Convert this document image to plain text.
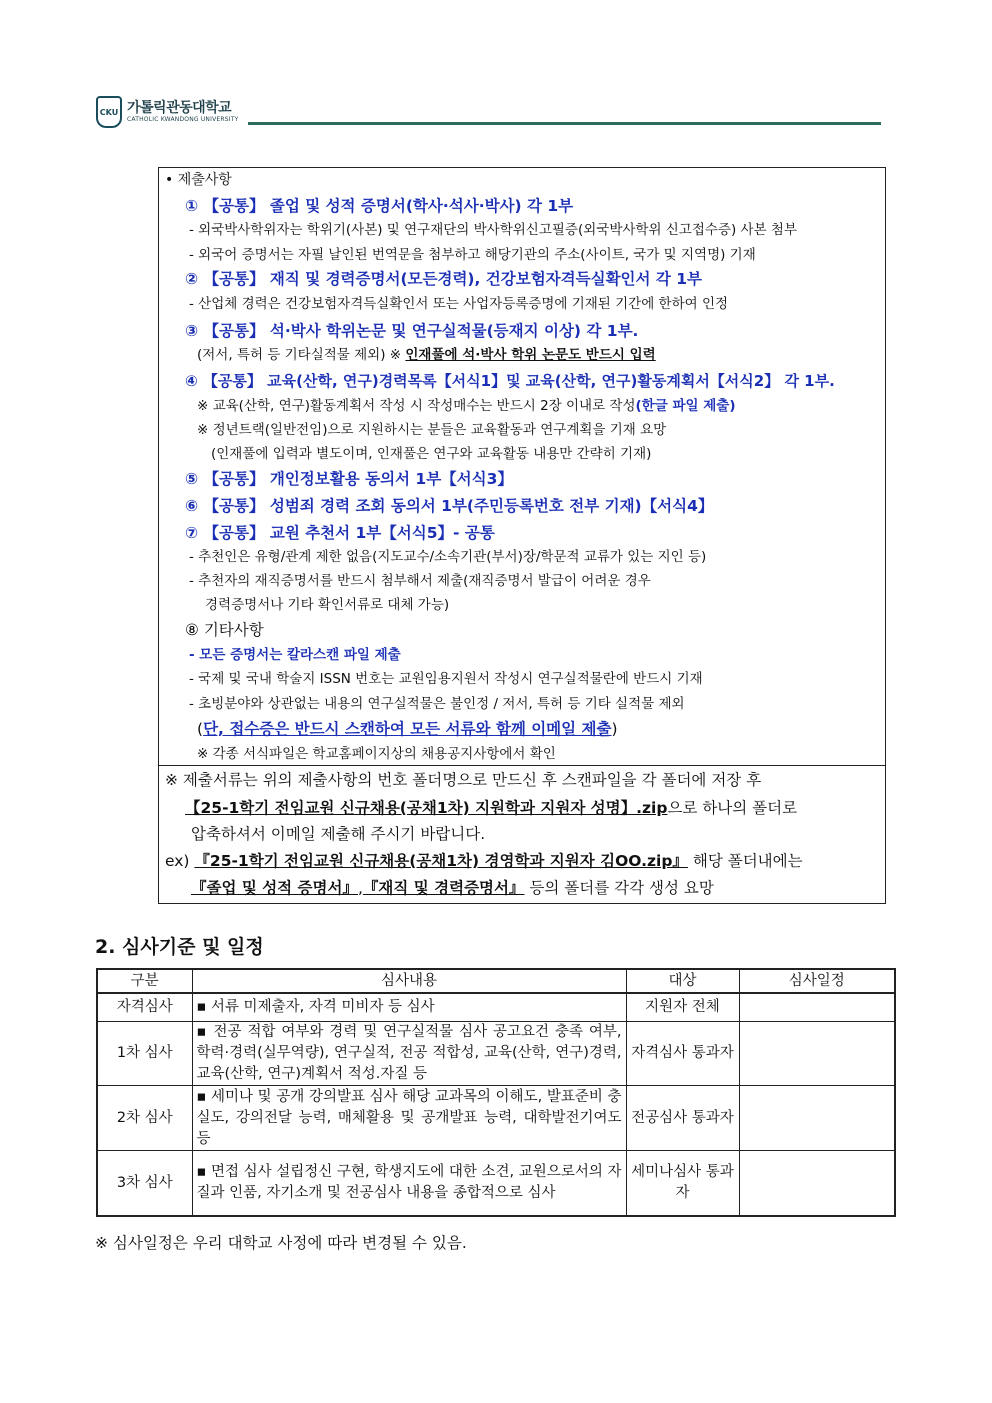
CKU 가톨릭관동대학교
CATHOLIC KWANDONG UNIVERSITY
• 제출사항
① 【공통】 졸업 및 성적 증명서(학사·석사·박사) 각 1부
- 외국박사학위자는 학위기(사본) 및 연구재단의 박사학위신고필증(외국박사학위 신고접수증) 사본 첨부
- 외국어 증명서는 자필 날인된 번역문을 첨부하고 해당기관의 주소(사이트, 국가 및 지역명) 기재
② 【공통】 재직 및 경력증명서(모든경력), 건강보험자격득실확인서 각 1부
- 산업체 경력은 건강보험자격득실확인서 또는 사업자등록증명에 기재된 기간에 한하여 인정
③ 【공통】 석·박사 학위논문 및 연구실적물(등재지 이상) 각 1부.
(저서, 특허 등 기타실적물 제외) ※ 인재풀에 석·박사 학위 논문도 반드시 입력
④ 【공통】 교육(산학, 연구)경력목록【서식1】및 교육(산학, 연구)활동계획서【서식2】 각 1부.
※ 교육(산학, 연구)활동계획서 작성 시 작성매수는 반드시 2장 이내로 작성(한글 파일 제출)
※ 정년트랙(일반전임)으로 지원하시는 분들은 교육활동과 연구계획을 기재 요망
(인재풀에 입력과 별도이며, 인재풀은 연구와 교육활동 내용만 간략히 기재)
⑤ 【공통】 개인정보활용 동의서 1부【서식3】
⑥ 【공통】 성범죄 경력 조회 동의서 1부(주민등록번호 전부 기재)【서식4】
⑦ 【공통】 교원 추천서 1부【서식5】- 공통
- 추천인은 유형/관계 제한 없음(지도교수/소속기관(부서)장/학문적 교류가 있는 지인 등)
- 추천자의 재직증명서를 반드시 첨부해서 제출(재직증명서 발급이 어려운 경우
경력증명서나 기타 확인서류로 대체 가능)
⑧ 기타사항
- 모든 증명서는 칼라스캔 파일 제출
- 국제 및 국내 학술지 ISSN 번호는 교원임용지원서 작성시 연구실적물란에 반드시 기재
- 초빙분야와 상관없는 내용의 연구실적물은 불인정 / 저서, 특허 등 기타 실적물 제외
(단, 접수증은 반드시 스캔하여 모든 서류와 함께 이메일 제출)
※ 각종 서식파일은 학교홈페이지상의 채용공지사항에서 확인
※ 제출서류는 위의 제출사항의 번호 폴더명으로 만드신 후 스캔파일을 각 폴더에 저장 후
【25-1학기 전임교원 신규채용(공채1차) 지원학과 지원자 성명】.zip으로 하나의 폴더로
압축하셔서 이메일 제출해 주시기 바랍니다.
ex) 『25-1학기 전임교원 신규채용(공채1차) 경영학과 지원자 김OO.zip』 해당 폴더내에는
『졸업 및 성적 증명서』,『재직 및 경력증명서』 등의 폴더를 각각 생성 요망
2. 심사기준 및 일정
구분	심사내용	대상	심사일정
자격심사	▪ 서류 미제출자, 자격 미비자 등 심사	지원자 전체	
1차 심사	▪ 전공 적합 여부와 경력 및 연구실적물 심사 공고요건 충족 여부, 학력·경력(실무역량), 연구실적, 전공 적합성, 교육(산학, 연구)경력, 교육(산학, 연구)계획서 적성.자질 등	자격심사 통과자	
2차 심사	▪ 세미나 및 공개 강의발표 심사 해당 교과목의 이해도, 발표준비 충실도, 강의전달 능력, 매체활용 및 공개발표 능력, 대학발전기여도 등	전공심사 통과자	
3차 심사	▪ 면접 심사 설립정신 구현, 학생지도에 대한 소견, 교원으로서의 자질과 인품, 자기소개 및 전공심사 내용을 종합적으로 심사	세미나심사 통과자	
※ 심사일정은 우리 대학교 사정에 따라 변경될 수 있음.
